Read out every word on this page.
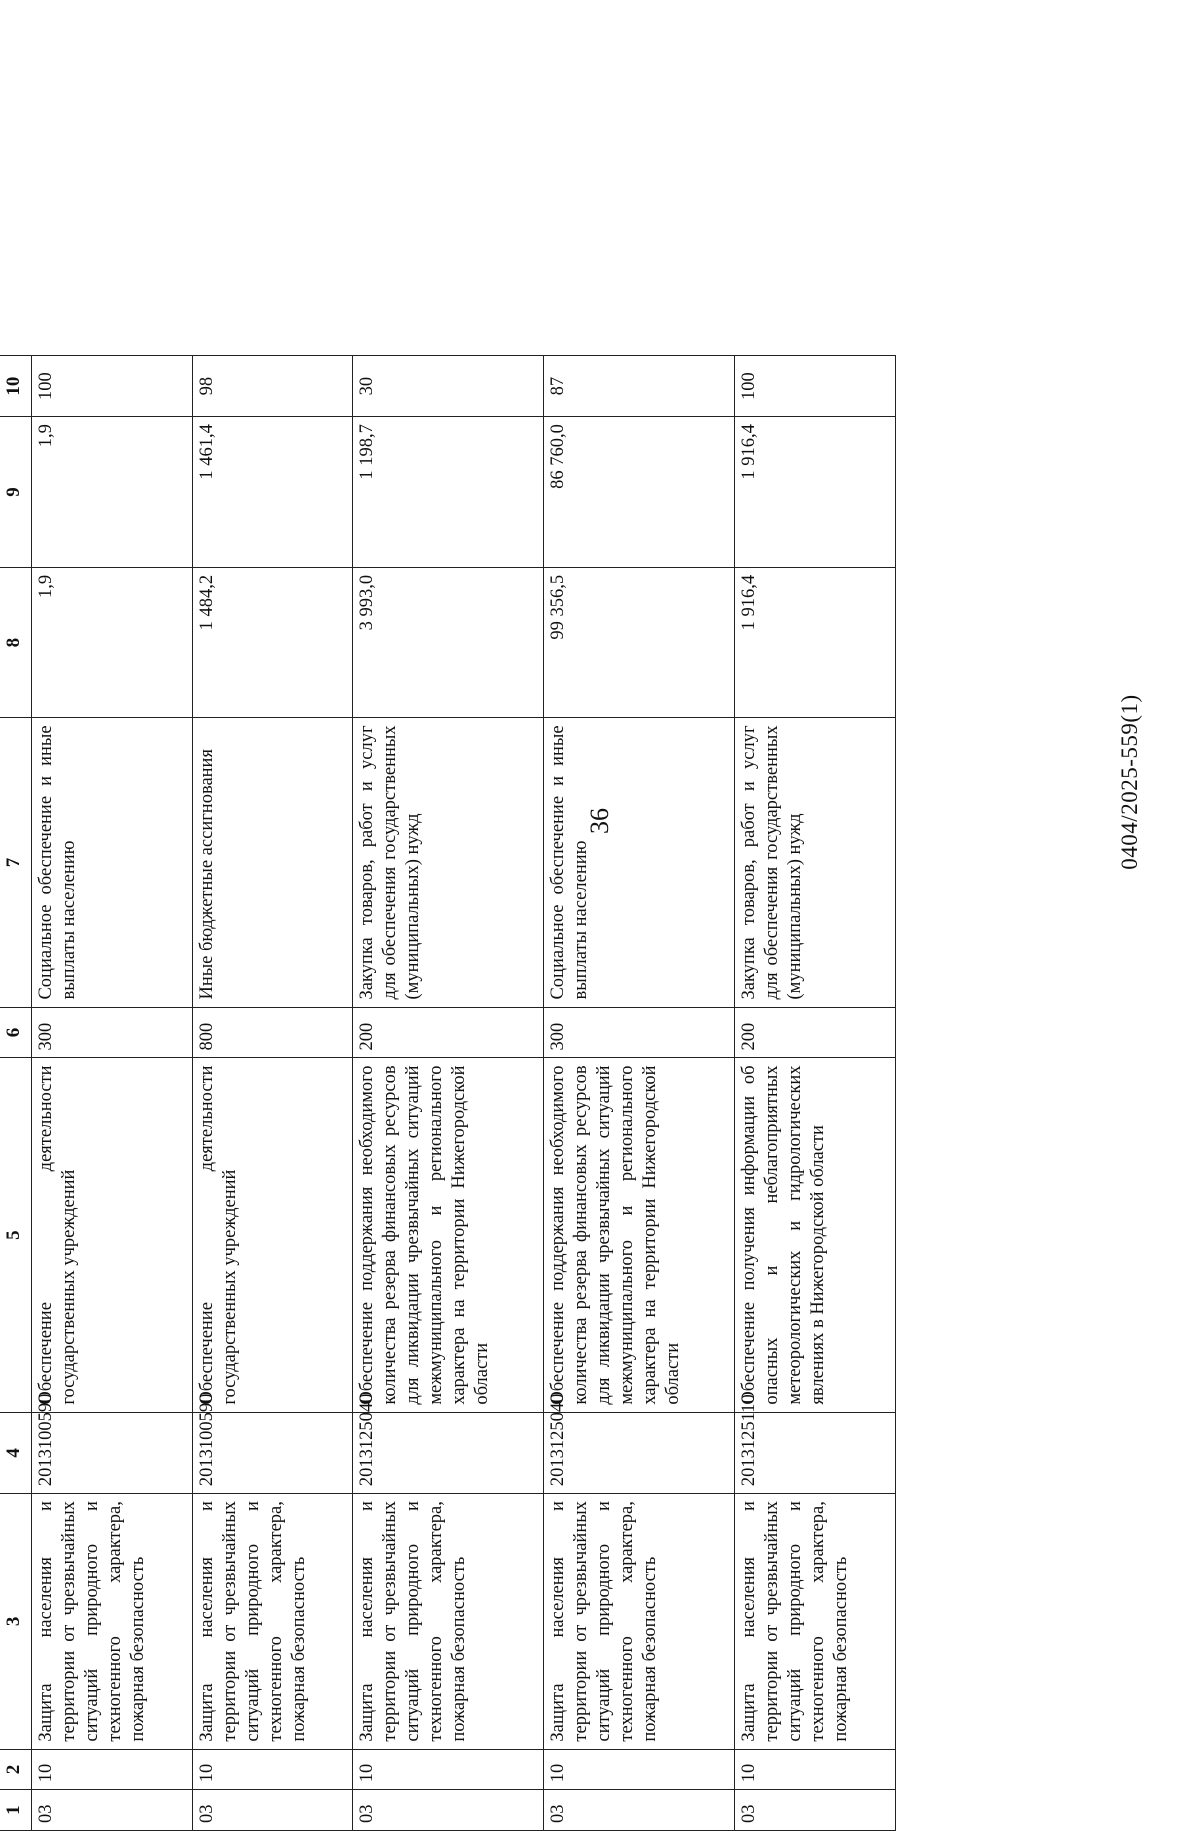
36
1	2	3	4	5	6	7	8	9	10
03	10	Защита населения и территории от чрезвычайных ситуаций природного и техногенного характера, пожарная безопасность	2013100590	Обеспечение деятельности государственных учреждений	300	Социальное обеспечение и иные выплаты населению	1,9	1,9	100
03	10	Защита населения и территории от чрезвычайных ситуаций природного и техногенного характера, пожарная безопасность	2013100590	Обеспечение деятельности государственных учреждений	800	Иные бюджетные ассигнования	1 484,2	1 461,4	98
03	10	Защита населения и территории от чрезвычайных ситуаций природного и техногенного характера, пожарная безопасность	2013125040	Обеспечение поддержания необходимого количества резерва финансовых ресурсов для ликвидации чрезвычайных ситуаций межмуниципального и регионального характера на территории Нижегородской области	200	Закупка товаров, работ и услуг для обеспечения государственных (муниципальных) нужд	3 993,0	1 198,7	30
03	10	Защита населения и территории от чрезвычайных ситуаций природного и техногенного характера, пожарная безопасность	2013125040	Обеспечение поддержания необходимого количества резерва финансовых ресурсов для ликвидации чрезвычайных ситуаций межмуниципального и регионального характера на территории Нижегородской области	300	Социальное обеспечение и иные выплаты населению	99 356,5	86 760,0	87
03	10	Защита населения и территории от чрезвычайных ситуаций природного и техногенного характера, пожарная безопасность	2013125110	Обеспечение получения информации об опасных и неблагоприятных метеорологических и гидрологических явлениях в Нижегородской области	200	Закупка товаров, работ и услуг для обеспечения государственных (муниципальных) нужд	1 916,4	1 916,4	100
0404/2025-559(1)
